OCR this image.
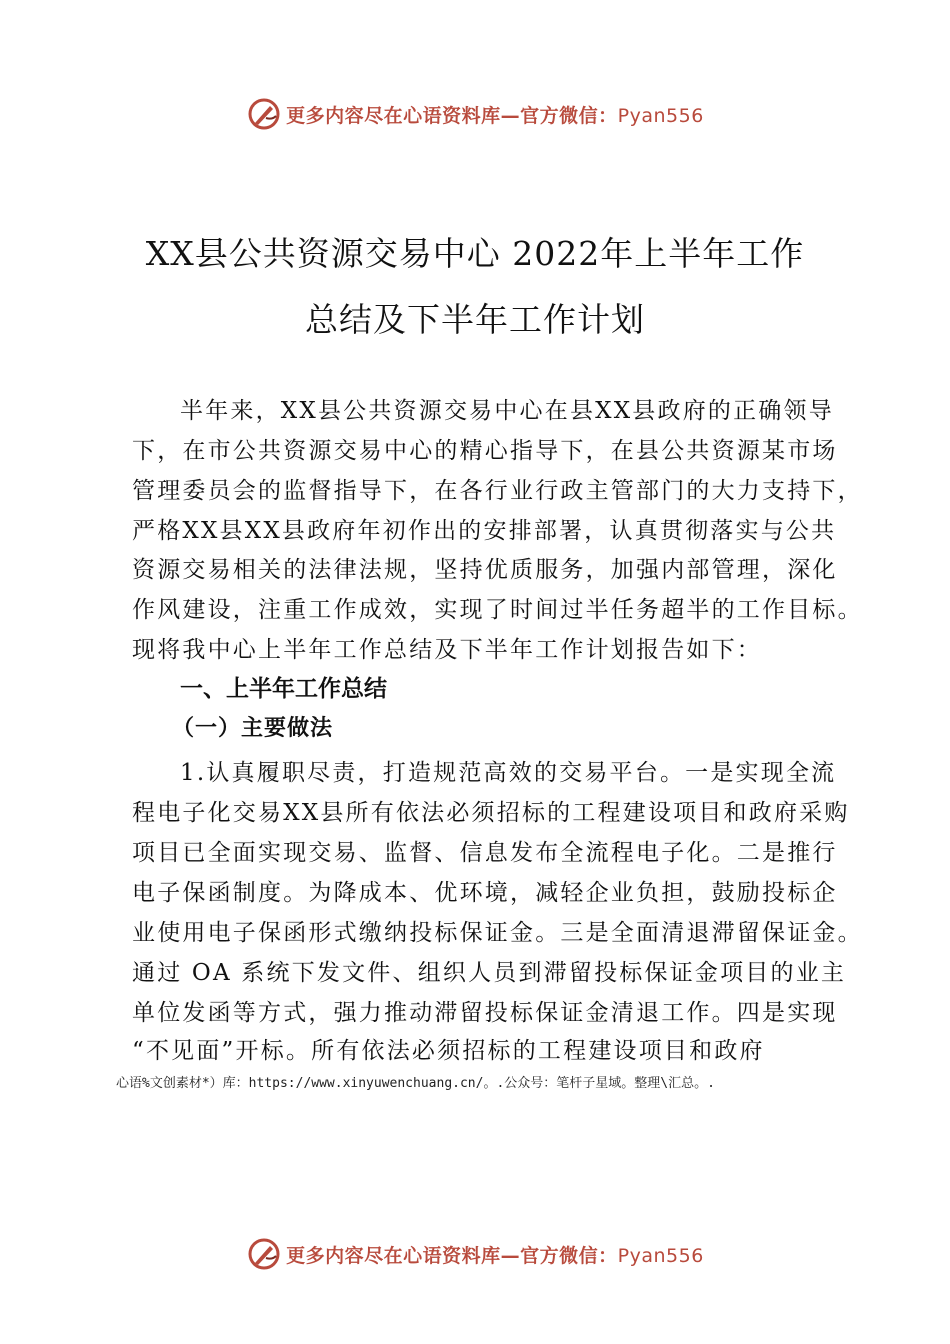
更多内容尽在心语资料库—官方微信：Pyan556
XX县公共资源交易中心 2022年上半年工作
总结及下半年工作计划
半年来，XX县公共资源交易中心在县XX县政府的正确领导
下，在市公共资源交易中心的精心指导下，在县公共资源某市场
管理委员会的监督指导下，在各行业行政主管部门的大力支持下，
严格XX县XX县政府年初作出的安排部署，认真贯彻落实与公共
资源交易相关的法律法规，坚持优质服务，加强内部管理，深化
作风建设，注重工作成效，实现了时间过半任务超半的工作目标。
现将我中心上半年工作总结及下半年工作计划报告如下：
一、上半年工作总结
（一）主要做法
1.认真履职尽责，打造规范高效的交易平台。一是实现全流
程电子化交易XX县所有依法必须招标的工程建设项目和政府采购
项目已全面实现交易、监督、信息发布全流程电子化。二是推行
电子保函制度。为降成本、优环境，减轻企业负担，鼓励投标企
业使用电子保函形式缴纳投标保证金。三是全面清退滞留保证金。
通过 OA 系统下发文件、组织人员到滞留投标保证金项目的业主
单位发函等方式，强力推动滞留投标保证金清退工作。四是实现
“不见面”开标。所有依法必须招标的工程建设项目和政府
心语%文创素材*）库：https://www.xinyuwenchuang.cn/。.公众号：笔杆子星域。整理\汇总。.
更多内容尽在心语资料库—官方微信：Pyan556
